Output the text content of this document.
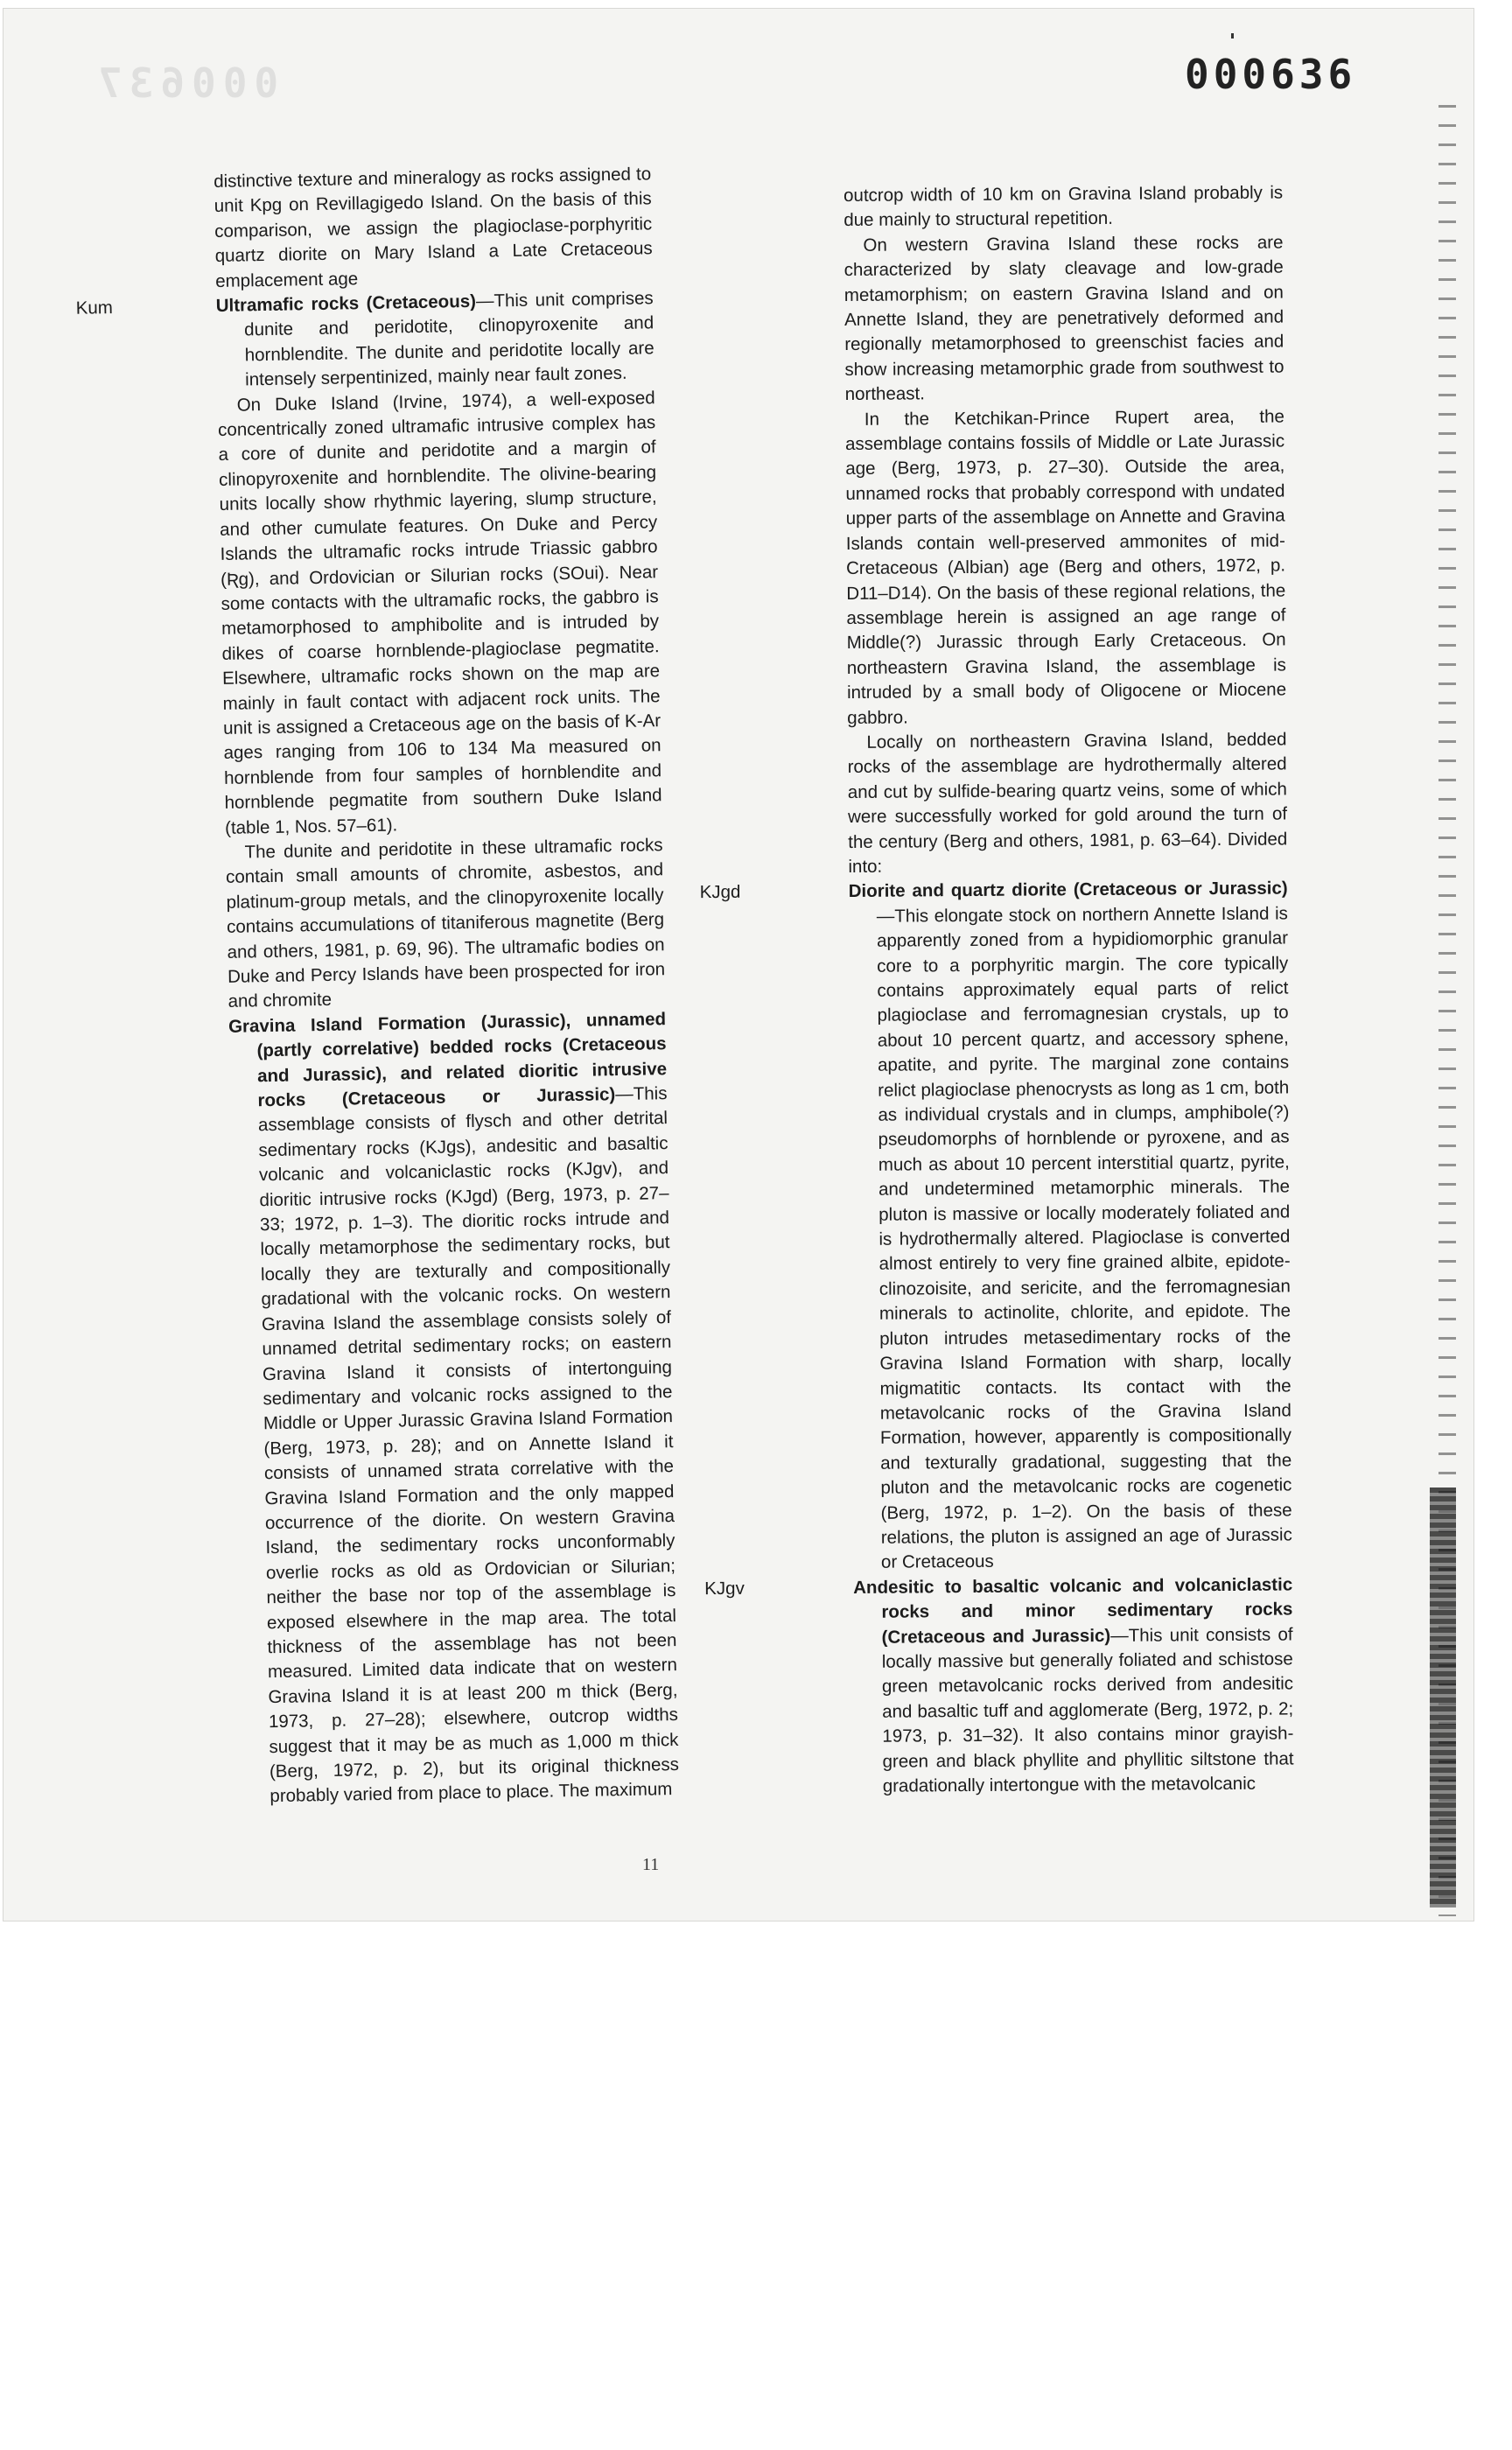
000637	000636

distinctive texture and mineralogy as rocks assigned to unit Kpg on Revillagigedo Island. On the basis of this comparison, we assign the plagioclase-porphyritic quartz diorite on Mary Island a Late Cretaceous emplacement age

Kum	Ultramafic rocks (Cretaceous)—This unit comprises dunite and peridotite, clinopyroxenite and hornblendite. The dunite and peridotite locally are intensely serpentinized, mainly near fault zones.

On Duke Island (Irvine, 1974), a well-exposed concentrically zoned ultramafic intrusive complex has a core of dunite and peridotite and a margin of clinopyroxenite and hornblendite. The olivine-bearing units locally show rhythmic layering, slump structure, and other cumulate features. On Duke and Percy Islands the ultramafic rocks intrude Triassic gabbro (Ʀg), and Ordovician or Silurian rocks (SOui). Near some contacts with the ultramafic rocks, the gabbro is metamorphosed to amphibolite and is intruded by dikes of coarse hornblende-plagioclase pegmatite. Elsewhere, ultramafic rocks shown on the map are mainly in fault contact with adjacent rock units. The unit is assigned a Cretaceous age on the basis of K-Ar ages ranging from 106 to 134 Ma measured on hornblende from four samples of hornblendite and hornblende pegmatite from southern Duke Island (table 1, Nos. 57–61).

The dunite and peridotite in these ultramafic rocks contain small amounts of chromite, asbestos, and platinum-group metals, and the clinopyroxenite locally contains accumulations of titaniferous magnetite (Berg and others, 1981, p. 69, 96). The ultramafic bodies on Duke and Percy Islands have been prospected for iron and chromite

Gravina Island Formation (Jurassic), unnamed (partly correlative) bedded rocks (Cretaceous and Jurassic), and related dioritic intrusive rocks (Cretaceous or Jurassic)—This assemblage consists of flysch and other detrital sedimentary rocks (KJgs), andesitic and basaltic volcanic and volcaniclastic rocks (KJgv), and dioritic intrusive rocks (KJgd) (Berg, 1973, p. 27–33; 1972, p. 1–3). The dioritic rocks intrude and locally metamorphose the sedimentary rocks, but locally they are texturally and compositionally gradational with the volcanic rocks. On western Gravina Island the assemblage consists solely of unnamed detrital sedimentary rocks; on eastern Gravina Island it consists of intertonguing sedimentary and volcanic rocks assigned to the Middle or Upper Jurassic Gravina Island Formation (Berg, 1973, p. 28); and on Annette Island it consists of unnamed strata correlative with the Gravina Island Formation and the only mapped occurrence of the diorite. On western Gravina Island, the sedimentary rocks unconformably overlie rocks as old as Ordovician or Silurian; neither the base nor top of the assemblage is exposed elsewhere in the map area. The total thickness of the assemblage has not been measured. Limited data indicate that on western Gravina Island it is at least 200 m thick (Berg, 1973, p. 27–28); elsewhere, outcrop widths suggest that it may be as much as 1,000 m thick (Berg, 1972, p. 2), but its original thickness probably varied from place to place. The maximum

outcrop width of 10 km on Gravina Island probably is due mainly to structural repetition.

On western Gravina Island these rocks are characterized by slaty cleavage and low-grade metamorphism; on eastern Gravina Island and on Annette Island, they are penetratively deformed and regionally metamorphosed to greenschist facies and show increasing metamorphic grade from southwest to northeast.

In the Ketchikan-Prince Rupert area, the assemblage contains fossils of Middle or Late Jurassic age (Berg, 1973, p. 27–30). Outside the area, unnamed rocks that probably correspond with undated upper parts of the assemblage on Annette and Gravina Islands contain well-preserved ammonites of mid-Cretaceous (Albian) age (Berg and others, 1972, p. D11–D14). On the basis of these regional relations, the assemblage herein is assigned an age range of Middle(?) Jurassic through Early Cretaceous. On northeastern Gravina Island, the assemblage is intruded by a small body of Oligocene or Miocene gabbro.

Locally on northeastern Gravina Island, bedded rocks of the assemblage are hydrothermally altered and cut by sulfide-bearing quartz veins, some of which were successfully worked for gold around the turn of the century (Berg and others, 1981, p. 63–64). Divided into:

KJgd	Diorite and quartz diorite (Cretaceous or Jurassic)—This elongate stock on northern Annette Island is apparently zoned from a hypidiomorphic granular core to a porphyritic margin. The core typically contains approximately equal parts of relict plagioclase and ferromagnesian crystals, up to about 10 percent quartz, and accessory sphene, apatite, and pyrite. The marginal zone contains relict plagioclase phenocrysts as long as 1 cm, both as individual crystals and in clumps, amphibole(?) pseudomorphs of hornblende or pyroxene, and as much as about 10 percent interstitial quartz, pyrite, and undetermined metamorphic minerals. The pluton is massive or locally moderately foliated and is hydrothermally altered. Plagioclase is converted almost entirely to very fine grained albite, epidote-clinozoisite, and sericite, and the ferromagnesian minerals to actinolite, chlorite, and epidote. The pluton intrudes metasedimentary rocks of the Gravina Island Formation with sharp, locally migmatitic contacts. Its contact with the metavolcanic rocks of the Gravina Island Formation, however, apparently is compositionally and texturally gradational, suggesting that the pluton and the metavolcanic rocks are cogenetic (Berg, 1972, p. 1–2). On the basis of these relations, the pluton is assigned an age of Jurassic or Cretaceous

KJgv	Andesitic to basaltic volcanic and volcaniclastic rocks and minor sedimentary rocks (Cretaceous and Jurassic)—This unit consists of locally massive but generally foliated and schistose green metavolcanic rocks derived from andesitic and basaltic tuff and agglomerate (Berg, 1972, p. 2; 1973, p. 31–32). It also contains minor grayish-green and black phyllite and phyllitic siltstone that gradationally intertongue with the metavolcanic

11
